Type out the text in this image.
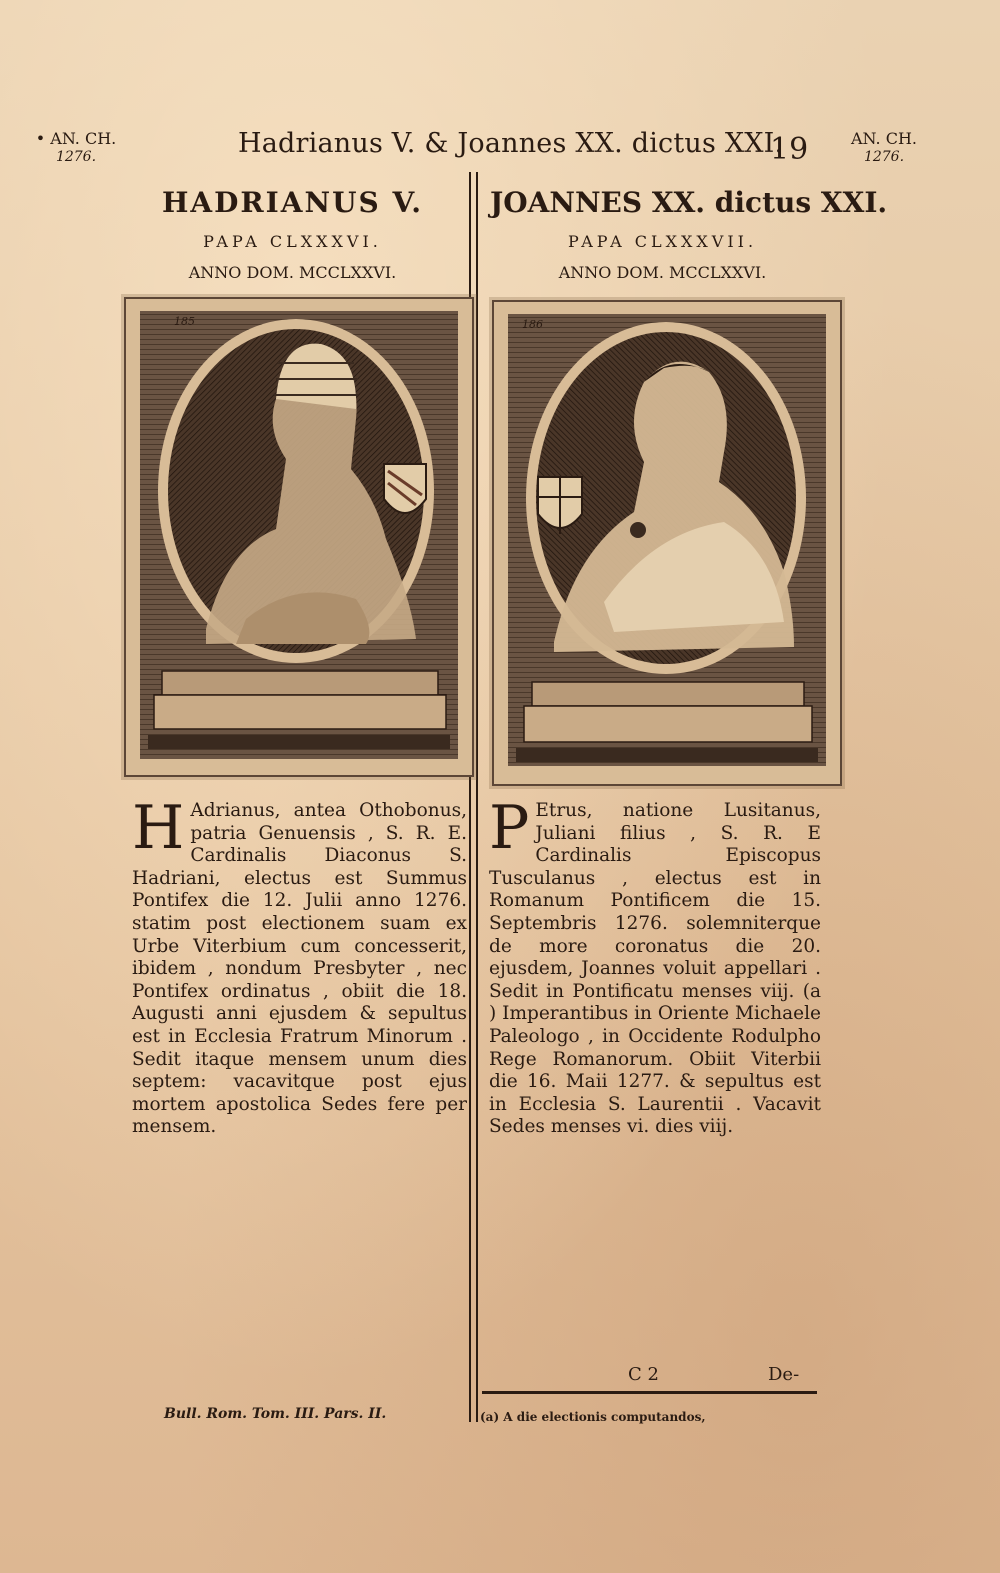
• AN. CH.
1276.	Hadrianus V. & Joannes XX. dictus XXI.
19	AN. CH.
1276.
HADRIANUS V.
PAPA CLXXXVI.
ANNO DOM. MCCLXXVI.
185
H Adrianus, antea Othobonus, patria Genuensis , S. R. E. Cardinalis Diaconus S. Hadriani, electus est Summus Pontifex die 12. Julii anno 1276. statim post electionem suam ex Urbe Viterbium cum concesserit, ibidem , nondum Presbyter , nec Pontifex ordinatus , obiit die 18. Augusti anni ejusdem & sepultus est in Ecclesia Fratrum Minorum . Sedit itaque mensem unum dies septem: vacavitque post ejus mortem apostolica Sedes fere per mensem.
JOANNES XX. dictus XXI.
PAPA CLXXXVII.
ANNO DOM. MCCLXXVI.
186
P Etrus, natione Lusitanus, Juliani filius , S. R. E Cardinalis Episcopus Tusculanus , electus est in Romanum Pontificem die 15. Septembris 1276. solemniterque de more coronatus die 20. ejusdem, Joannes voluit appellari . Sedit in Pontificatu menses viij. (a ) Imperantibus in Oriente Michaele Paleologo , in Occidente Rodulpho Rege Romanorum. Obiit Viterbii die 16. Maii 1277. & sepultus est in Ecclesia S. Laurentii . Vacavit Sedes menses vi. dies viij.
C 2	De-
Bull. Rom. Tom. III. Pars. II.	(a) A die electionis computandos,
